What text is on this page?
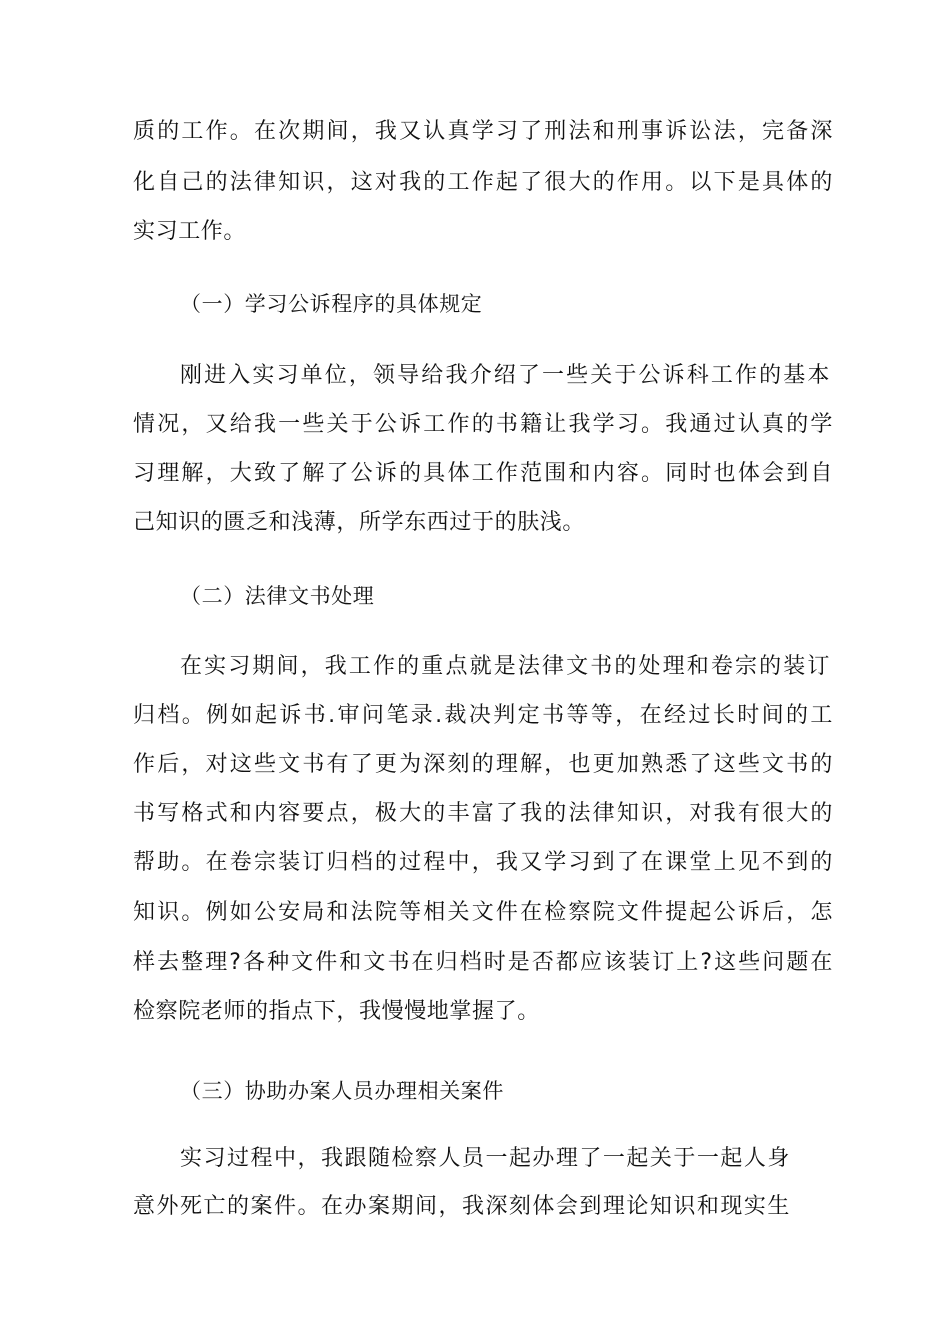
质的工作。在次期间，我又认真学习了刑法和刑事诉讼法，完备深
化自己的法律知识，这对我的工作起了很大的作用。以下是具体的
实习工作。
（一）学习公诉程序的具体规定
刚进入实习单位，领导给我介绍了一些关于公诉科工作的基本
情况，又给我一些关于公诉工作的书籍让我学习。我通过认真的学
习理解，大致了解了公诉的具体工作范围和内容。同时也体会到自
己知识的匮乏和浅薄，所学东西过于的肤浅。
（二）法律文书处理
在实习期间，我工作的重点就是法律文书的处理和卷宗的装订
归档。例如起诉书.审问笔录.裁决判定书等等，在经过长时间的工
作后，对这些文书有了更为深刻的理解，也更加熟悉了这些文书的
书写格式和内容要点，极大的丰富了我的法律知识，对我有很大的
帮助。在卷宗装订归档的过程中，我又学习到了在课堂上见不到的
知识。例如公安局和法院等相关文件在检察院文件提起公诉后，怎
样去整理?各种文件和文书在归档时是否都应该装订上?这些问题在
检察院老师的指点下，我慢慢地掌握了。
（三）协助办案人员办理相关案件
实习过程中，我跟随检察人员一起办理了一起关于一起人身
意外死亡的案件。在办案期间，我深刻体会到理论知识和现实生
